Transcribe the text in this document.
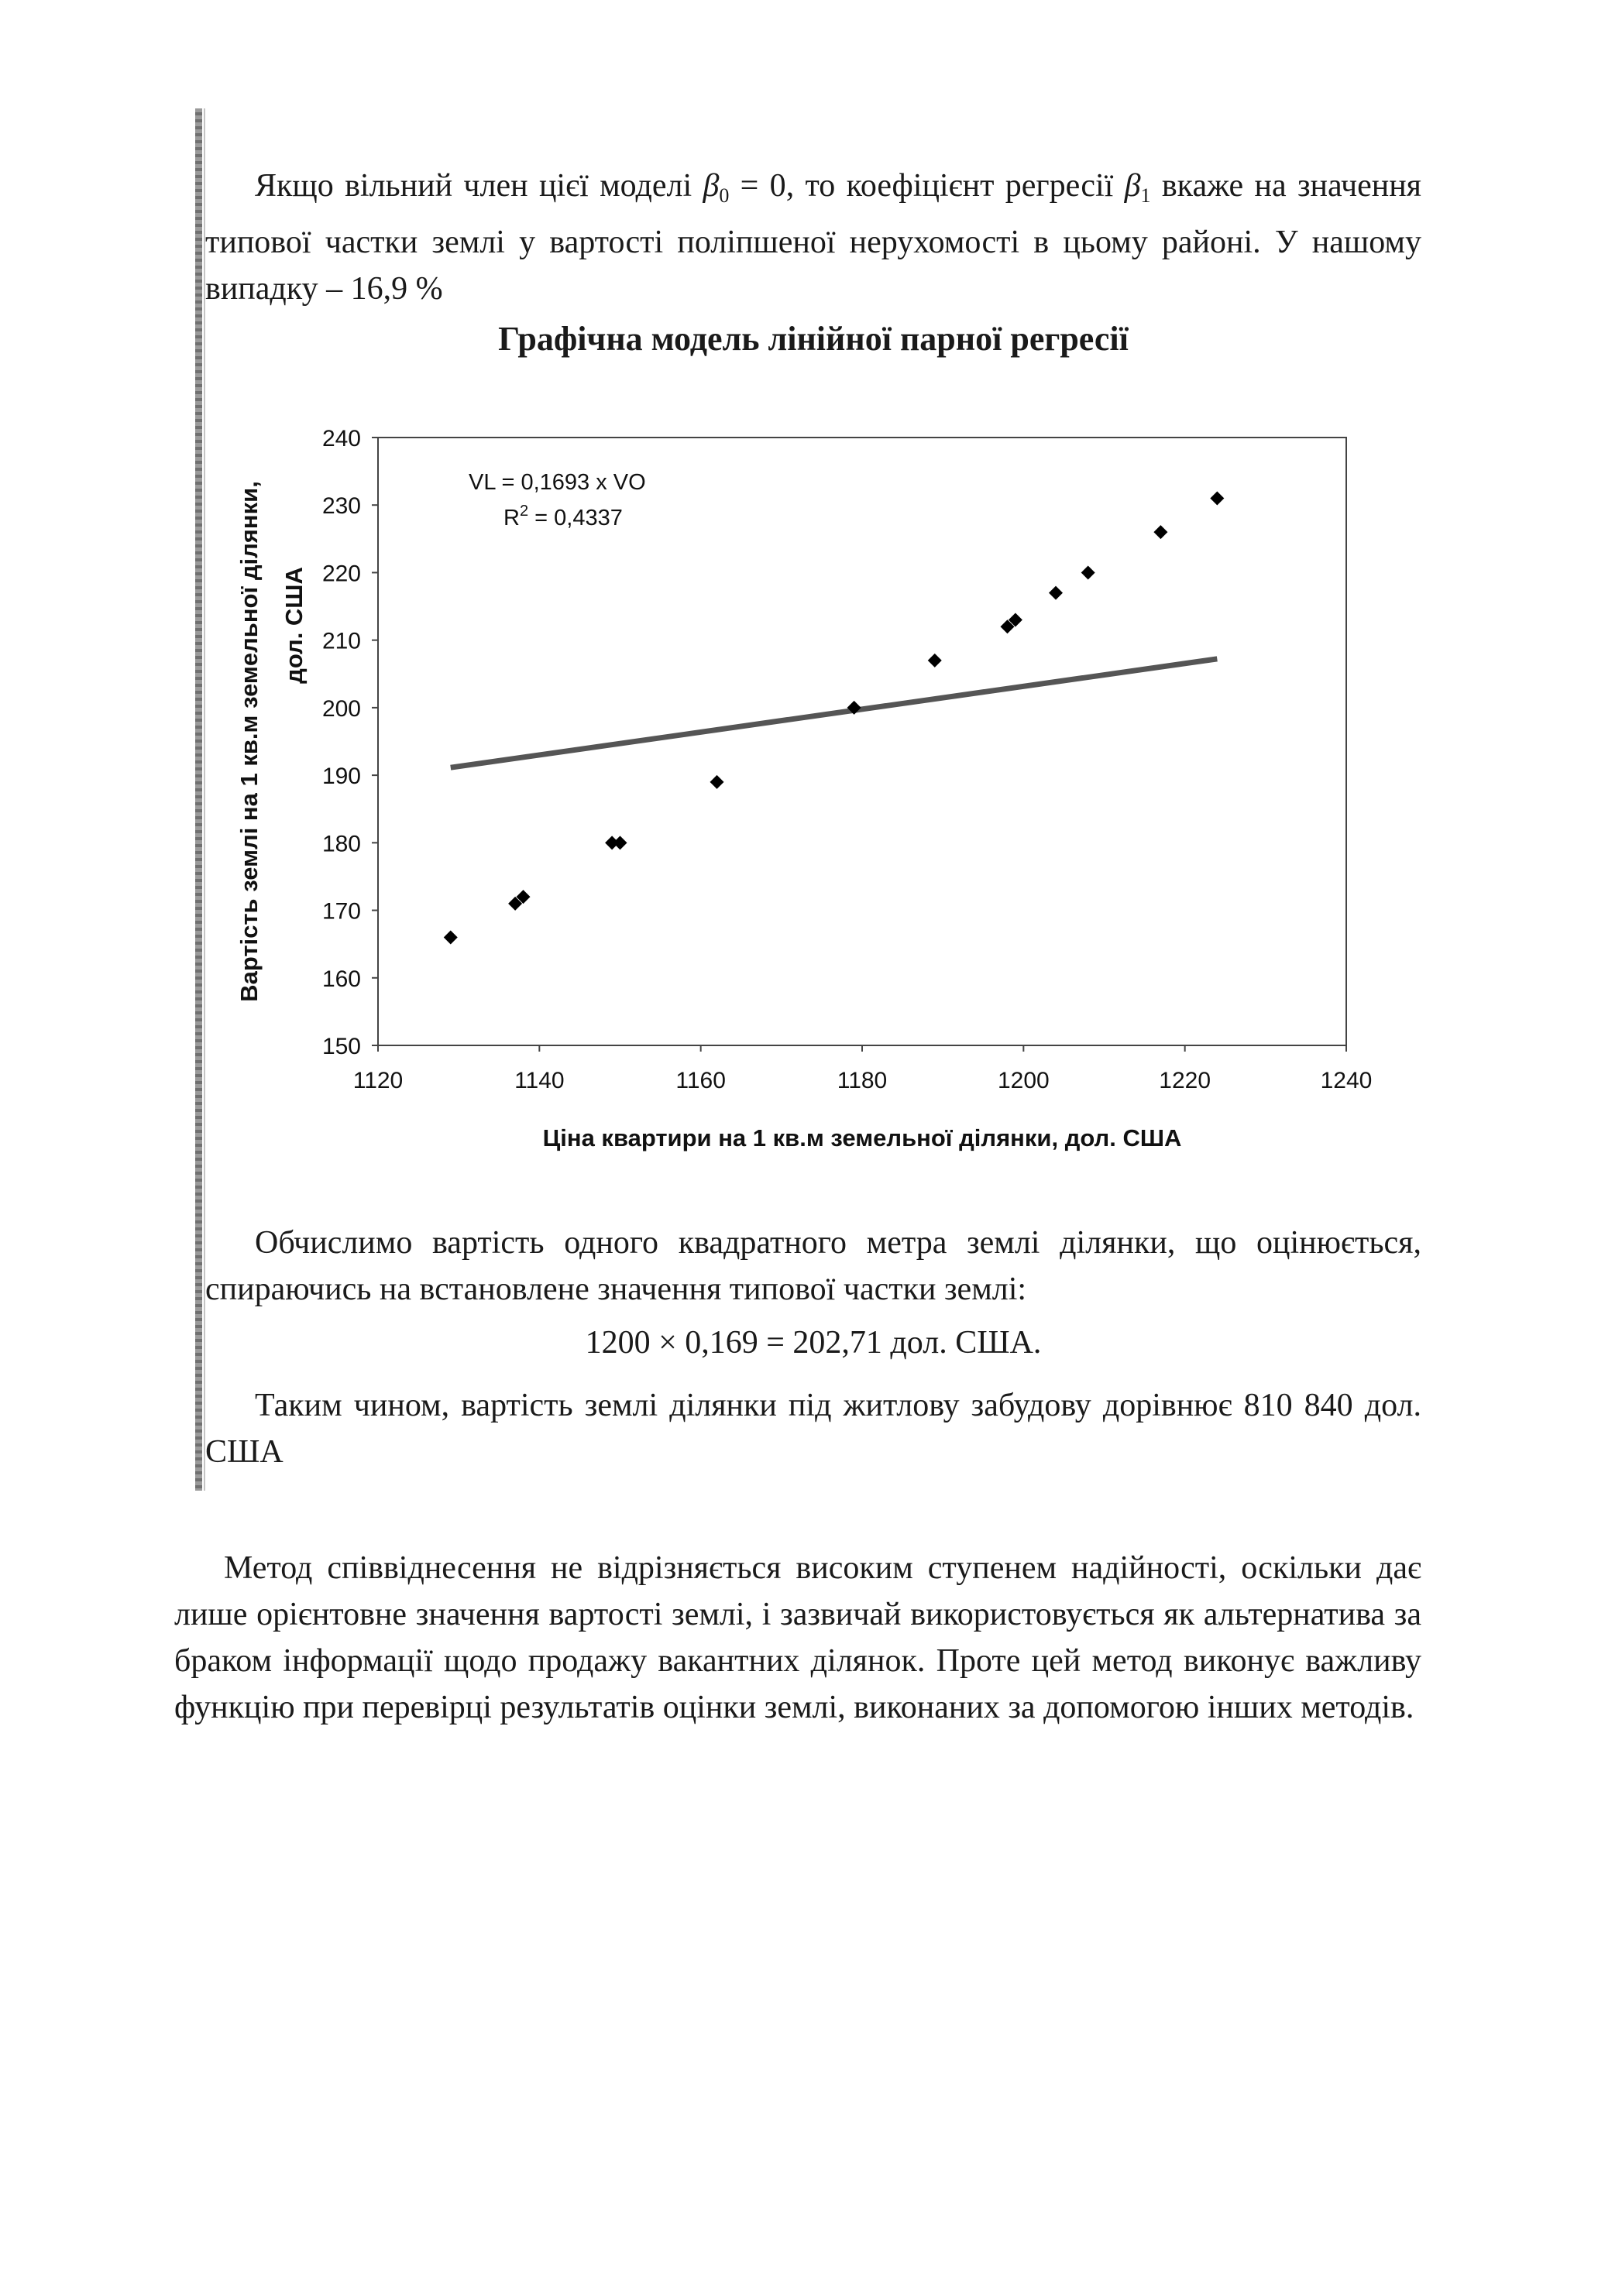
Якщо вільний член цієї моделі $\beta_0 = 0$, то коефіцієнт регресії $\beta_1$ вкаже на значення типової частки землі у вартості поліпшеної нерухомості в цьому районі. У нашому випадку – 16,9 %

Графічна модель лінійної парної регресії
1120	1140	1160	1180	1200	1220	1240
150
160
170
180
190
200
210
220
230
240
Ціна квартири на 1 кв.м земельної ділянки, дол. США
Вартість землі на 1 кв.м земельної ділянки, дол. США
VL = 0,1693 x VO
$R^2 = 0,4337$

Обчислимо вартість одного квадратного метра землі ділянки, що оцінюється, спираючись на встановлене значення типової частки землі:

1200 × 0,169 = 202,71 дол. США.

Таким чином, вартість землі ділянки під житлову забудову дорівнює 810 840 дол. США

Метод співвіднесення не відрізняється високим ступенем надійності, оскільки дає лише орієнтовне значення вартості землі, і зазвичай використовується як альтернатива за браком інформації щодо продажу вакантних ділянок. Проте цей метод виконує важливу функцію при перевірці результатів оцінки землі, виконаних за допомогою інших методів.
